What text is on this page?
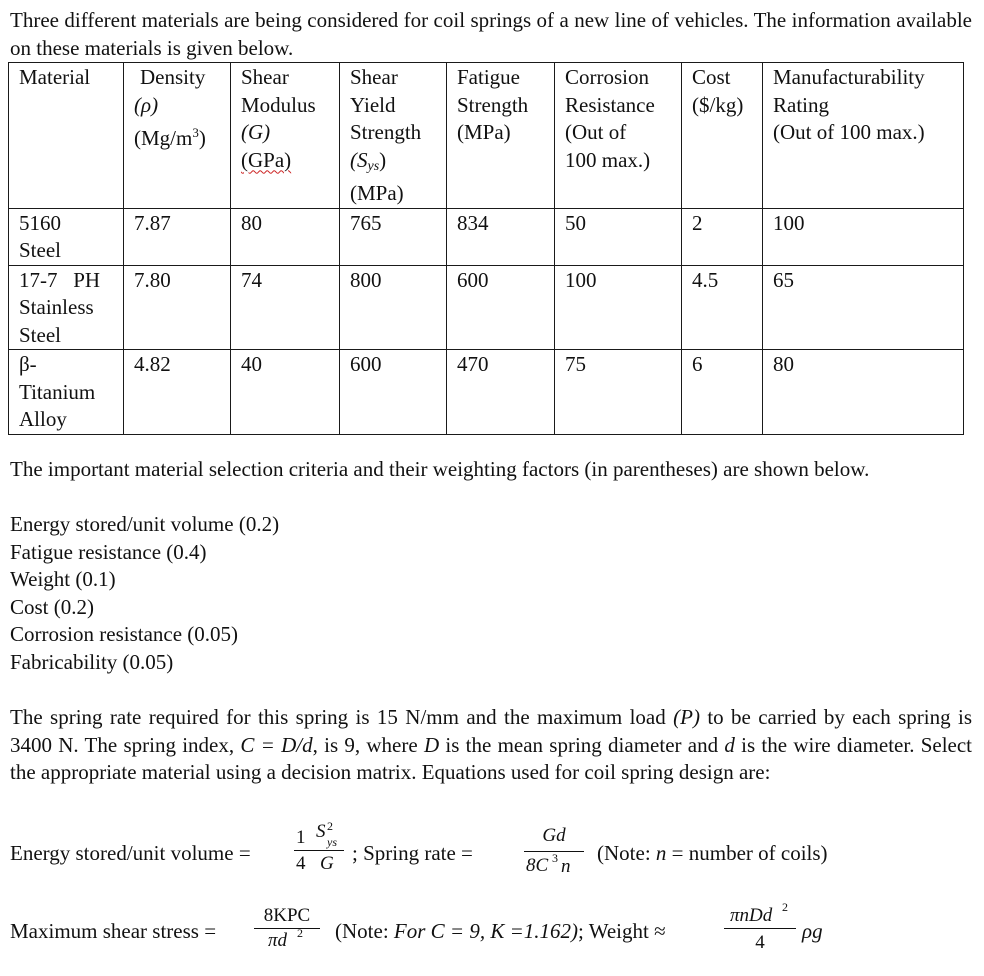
Three different materials are being considered for coil springs of a new line of vehicles. The information available on these materials is given below.
Material	Density
(ρ)
$(Mg/m^3)$	Shear
Modulus
(G)
(GPa)	Shear
Yield
Strength
$(S_{ys})$
(MPa)	Fatigue
Strength
(MPa)	Corrosion
Resistance
(Out of
100 max.)	Cost
($/kg)	Manufacturability
Rating
(Out of 100 max.)

5160
Steel	7.87	80	765	834	50	2	100

17-7   PH
Stainless
Steel	7.80	74	800	600	100	4.5	65

β-
Titanium
Alloy	4.82	40	600	470	75	6	80
The important material selection criteria and their weighting factors (in parentheses) are shown below.
Energy stored/unit volume (0.2)
Fatigue resistance (0.4)
Weight (0.1)
Cost (0.2)
Corrosion resistance (0.05)
Fabricability (0.05)
The spring rate required for this spring is 15 N/mm and the maximum load (P) to be carried by each spring is 3400 N. The spring index, C = D/d, is 9, where D is the mean spring diameter and d is the wire diameter. Select the appropriate material using a decision matrix. Equations used for coil spring design are:
Energy stored/unit volume =
1 S 2
ys
4 G ; Spring rate =
Gd
8C 3 n
(Note: n = number of coils)
Maximum shear stress =
8KPC
πd 2 (Note: For C = 9, K =1.162); Weight ≈
πnDd 2
4	ρg
